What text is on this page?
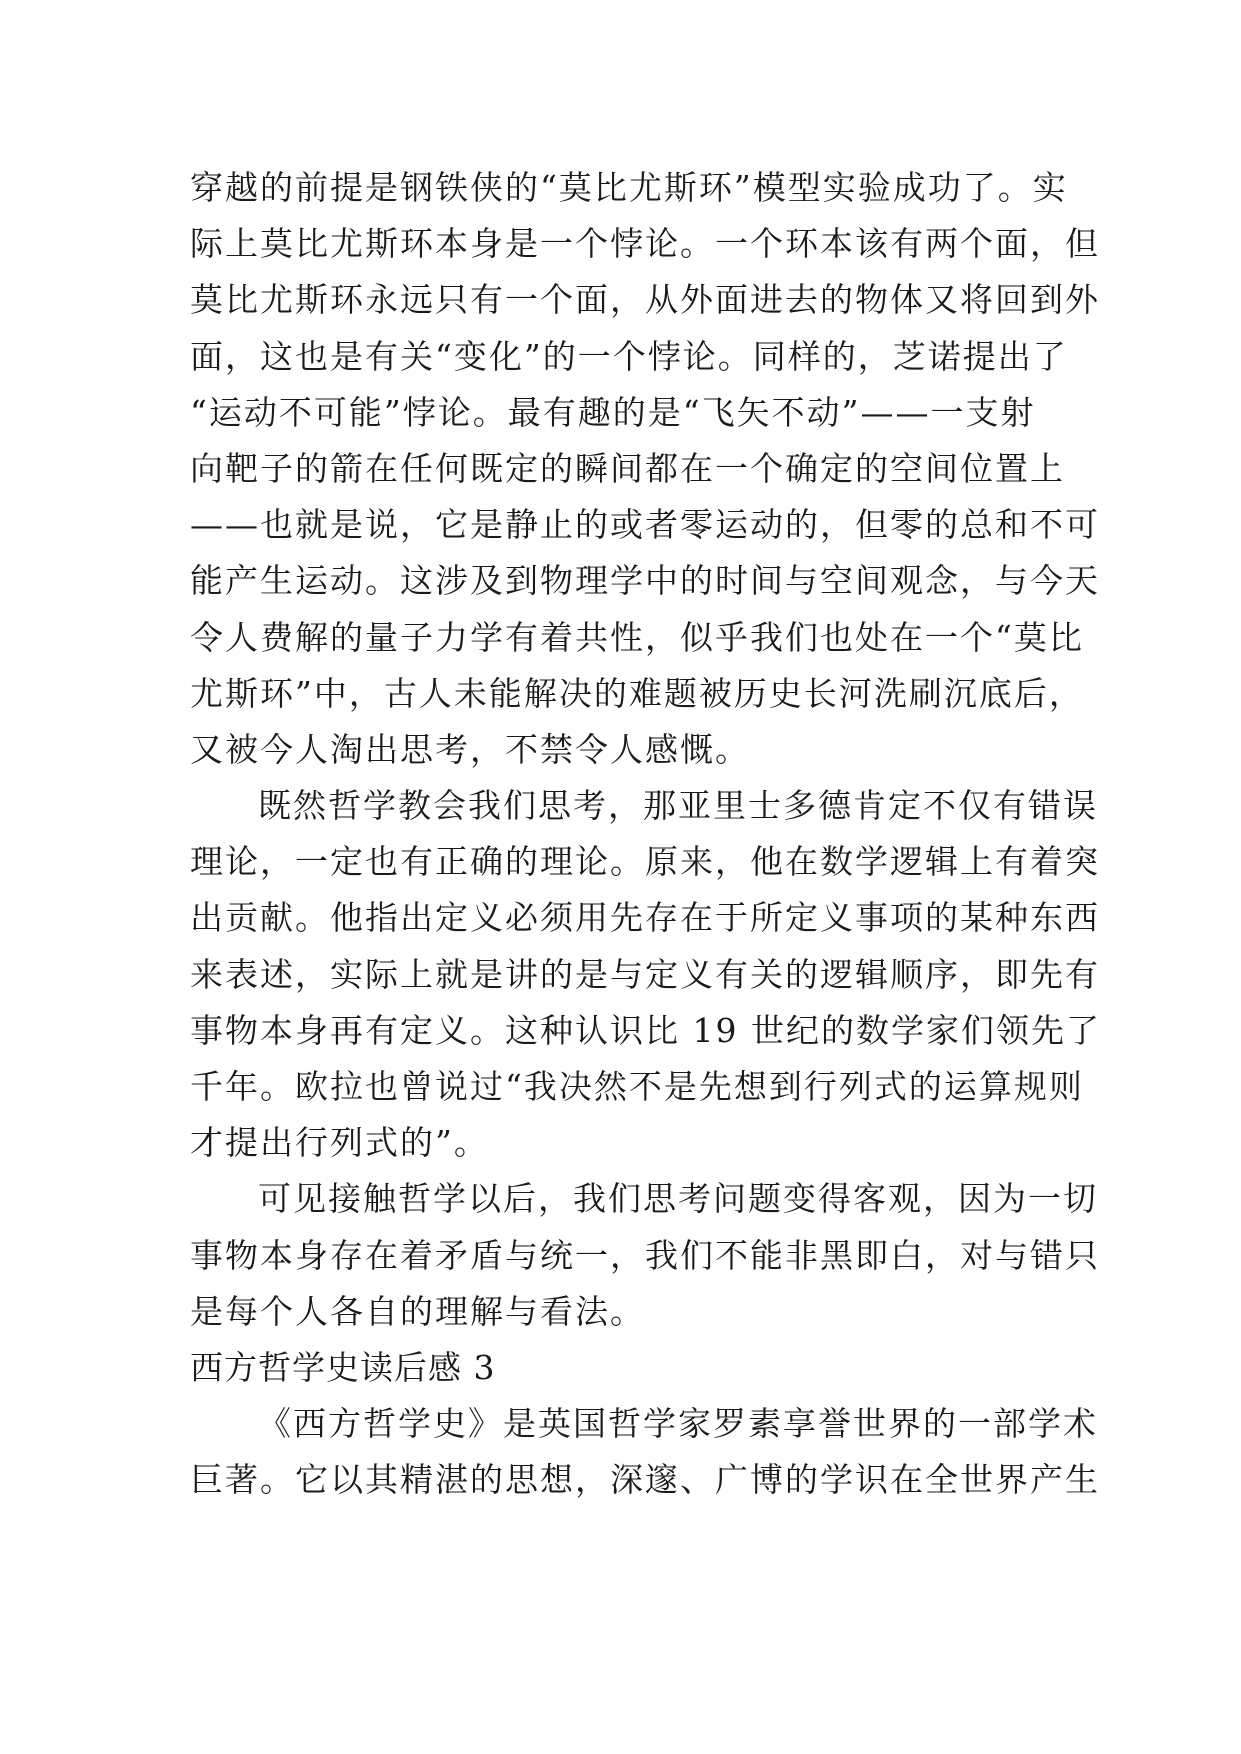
穿越的前提是钢铁侠的“莫比尤斯环”模型实验成功了。实
际上莫比尤斯环本身是一个悖论。一个环本该有两个面，但
莫比尤斯环永远只有一个面，从外面进去的物体又将回到外
面，这也是有关“变化”的一个悖论。同样的，芝诺提出了
“运动不可能”悖论。最有趣的是“飞矢不动”——一支射
向靶子的箭在任何既定的瞬间都在一个确定的空间位置上
——也就是说，它是静止的或者零运动的，但零的总和不可
能产生运动。这涉及到物理学中的时间与空间观念，与今天
令人费解的量子力学有着共性，似乎我们也处在一个“莫比
尤斯环”中，古人未能解决的难题被历史长河洗刷沉底后，
又被今人淘出思考，不禁令人感慨。
既然哲学教会我们思考，那亚里士多德肯定不仅有错误
理论，一定也有正确的理论。原来，他在数学逻辑上有着突
出贡献。他指出定义必须用先存在于所定义事项的某种东西
来表述，实际上就是讲的是与定义有关的逻辑顺序，即先有
事物本身再有定义。这种认识比 19 世纪的数学家们领先了
千年。欧拉也曾说过“我决然不是先想到行列式的运算规则
才提出行列式的”。
可见接触哲学以后，我们思考问题变得客观，因为一切
事物本身存在着矛盾与统一，我们不能非黑即白，对与错只
是每个人各自的理解与看法。
西方哲学史读后感 3
《西方哲学史》是英国哲学家罗素享誉世界的一部学术
巨著。它以其精湛的思想，深邃、广博的学识在全世界产生
